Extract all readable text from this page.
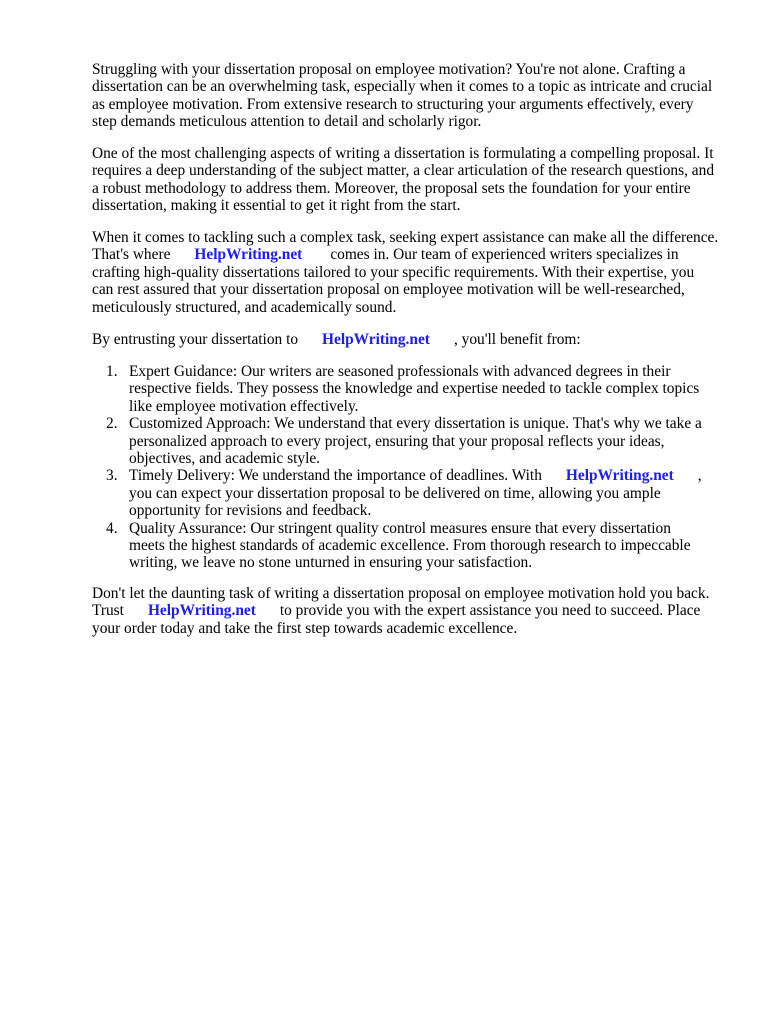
Struggling with your dissertation proposal on employee motivation? You're not alone. Crafting a
dissertation can be an overwhelming task, especially when it comes to a topic as intricate and crucial
as employee motivation. From extensive research to structuring your arguments effectively, every
step demands meticulous attention to detail and scholarly rigor.

One of the most challenging aspects of writing a dissertation is formulating a compelling proposal. It
requires a deep understanding of the subject matter, a clear articulation of the research questions, and
a robust methodology to address them. Moreover, the proposal sets the foundation for your entire
dissertation, making it essential to get it right from the start.

When it comes to tackling such a complex task, seeking expert assistance can make all the difference.
That's where HelpWriting.net comes in. Our team of experienced writers specializes in
crafting high-quality dissertations tailored to your specific requirements. With their expertise, you
can rest assured that your dissertation proposal on employee motivation will be well-researched,
meticulously structured, and academically sound.

By entrusting your dissertation to HelpWriting.net , you'll benefit from:

1. Expert Guidance: Our writers are seasoned professionals with advanced degrees in their
respective fields. They possess the knowledge and expertise needed to tackle complex topics
like employee motivation effectively.
2. Customized Approach: We understand that every dissertation is unique. That's why we take a
personalized approach to every project, ensuring that your proposal reflects your ideas,
objectives, and academic style.
3. Timely Delivery: We understand the importance of deadlines. With HelpWriting.net ,
you can expect your dissertation proposal to be delivered on time, allowing you ample
opportunity for revisions and feedback.
4. Quality Assurance: Our stringent quality control measures ensure that every dissertation
meets the highest standards of academic excellence. From thorough research to impeccable
writing, we leave no stone unturned in ensuring your satisfaction.

Don't let the daunting task of writing a dissertation proposal on employee motivation hold you back.
Trust HelpWriting.net to provide you with the expert assistance you need to succeed. Place
your order today and take the first step towards academic excellence.
